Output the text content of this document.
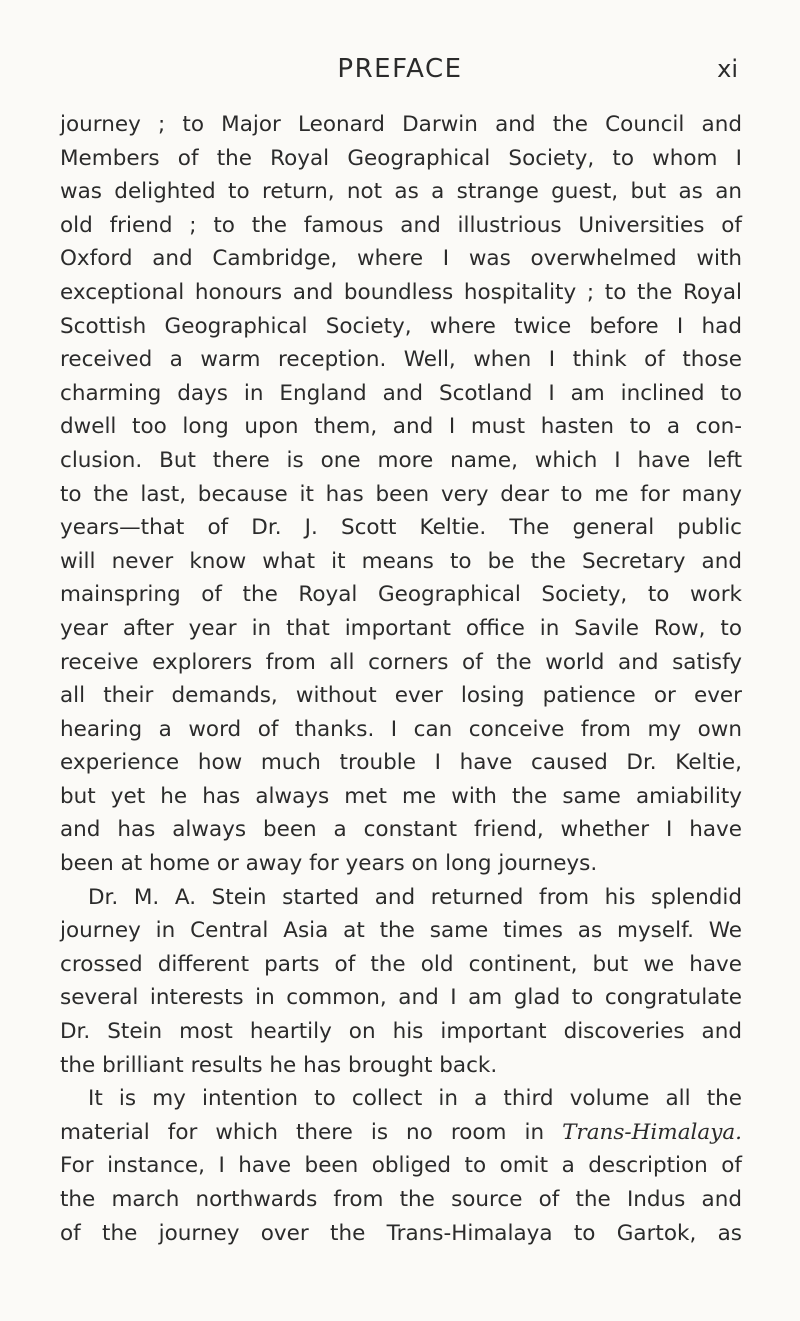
PREFACE	xi
journey ; to Major Leonard Darwin and the Council and
Members of the Royal Geographical Society, to whom I
was delighted to return, not as a strange guest, but as an
old friend ; to the famous and illustrious Universities of
Oxford and Cambridge, where I was overwhelmed with
exceptional honours and boundless hospitality ; to the Royal
Scottish Geographical Society, where twice before I had
received a warm reception. Well, when I think of those
charming days in England and Scotland I am inclined to
dwell too long upon them, and I must hasten to a con-
clusion. But there is one more name, which I have left
to the last, because it has been very dear to me for many
years—that of Dr. J. Scott Keltie. The general public
will never know what it means to be the Secretary and
mainspring of the Royal Geographical Society, to work
year after year in that important office in Savile Row, to
receive explorers from all corners of the world and satisfy
all their demands, without ever losing patience or ever
hearing a word of thanks. I can conceive from my own
experience how much trouble I have caused Dr. Keltie,
but yet he has always met me with the same amiability
and has always been a constant friend, whether I have
been at home or away for years on long journeys.
Dr. M. A. Stein started and returned from his splendid
journey in Central Asia at the same times as myself. We
crossed different parts of the old continent, but we have
several interests in common, and I am glad to congratulate
Dr. Stein most heartily on his important discoveries and
the brilliant results he has brought back.
It is my intention to collect in a third volume all the
material for which there is no room in Trans-Himalaya.
For instance, I have been obliged to omit a description of
the march northwards from the source of the Indus and
of the journey over the Trans-Himalaya to Gartok, as
